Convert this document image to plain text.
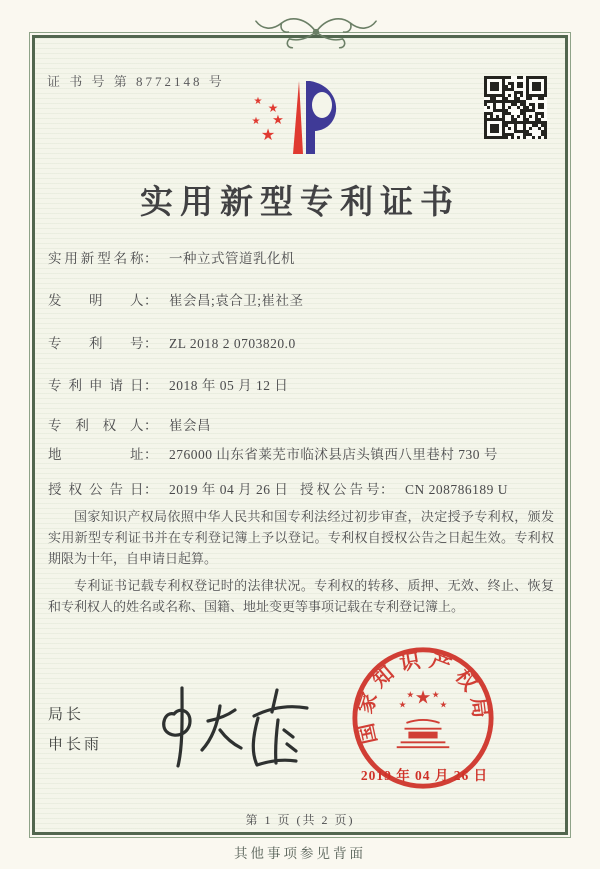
证 书 号 第 8772148 号
★ ★
★ ★
★
实用新型专利证书
实用新型名称： 一种立式管道乳化机
发明人： 崔会昌;袁合卫;崔社圣
专利号： ZL 2018 2 0703820.0
专利申请日： 2018 年 05 月 12 日
专利权人： 崔会昌
地址： 276000 山东省莱芜市临沭县店头镇西八里巷村 730 号
授权公告日： 2019 年 04 月 26 日 授权公告号： CN 208786189 U

国家知识产权局依照中华人民共和国专利法经过初步审查，决定授予专利权，颁发实用新型专利证书并在专利登记簿上予以登记。专利权自授权公告之日起生效。专利权期限为十年，自申请日起算。

专利证书记载专利权登记时的法律状况。专利权的转移、质押、无效、终止、恢复和专利权人的姓名或名称、国籍、地址变更等事项记载在专利登记簿上。

局长
申长雨	国家知识产权局
★
★
★ ★
★
2019 年 04 月 26 日
第 1 页 (共 2 页)
其他事项参见背面
